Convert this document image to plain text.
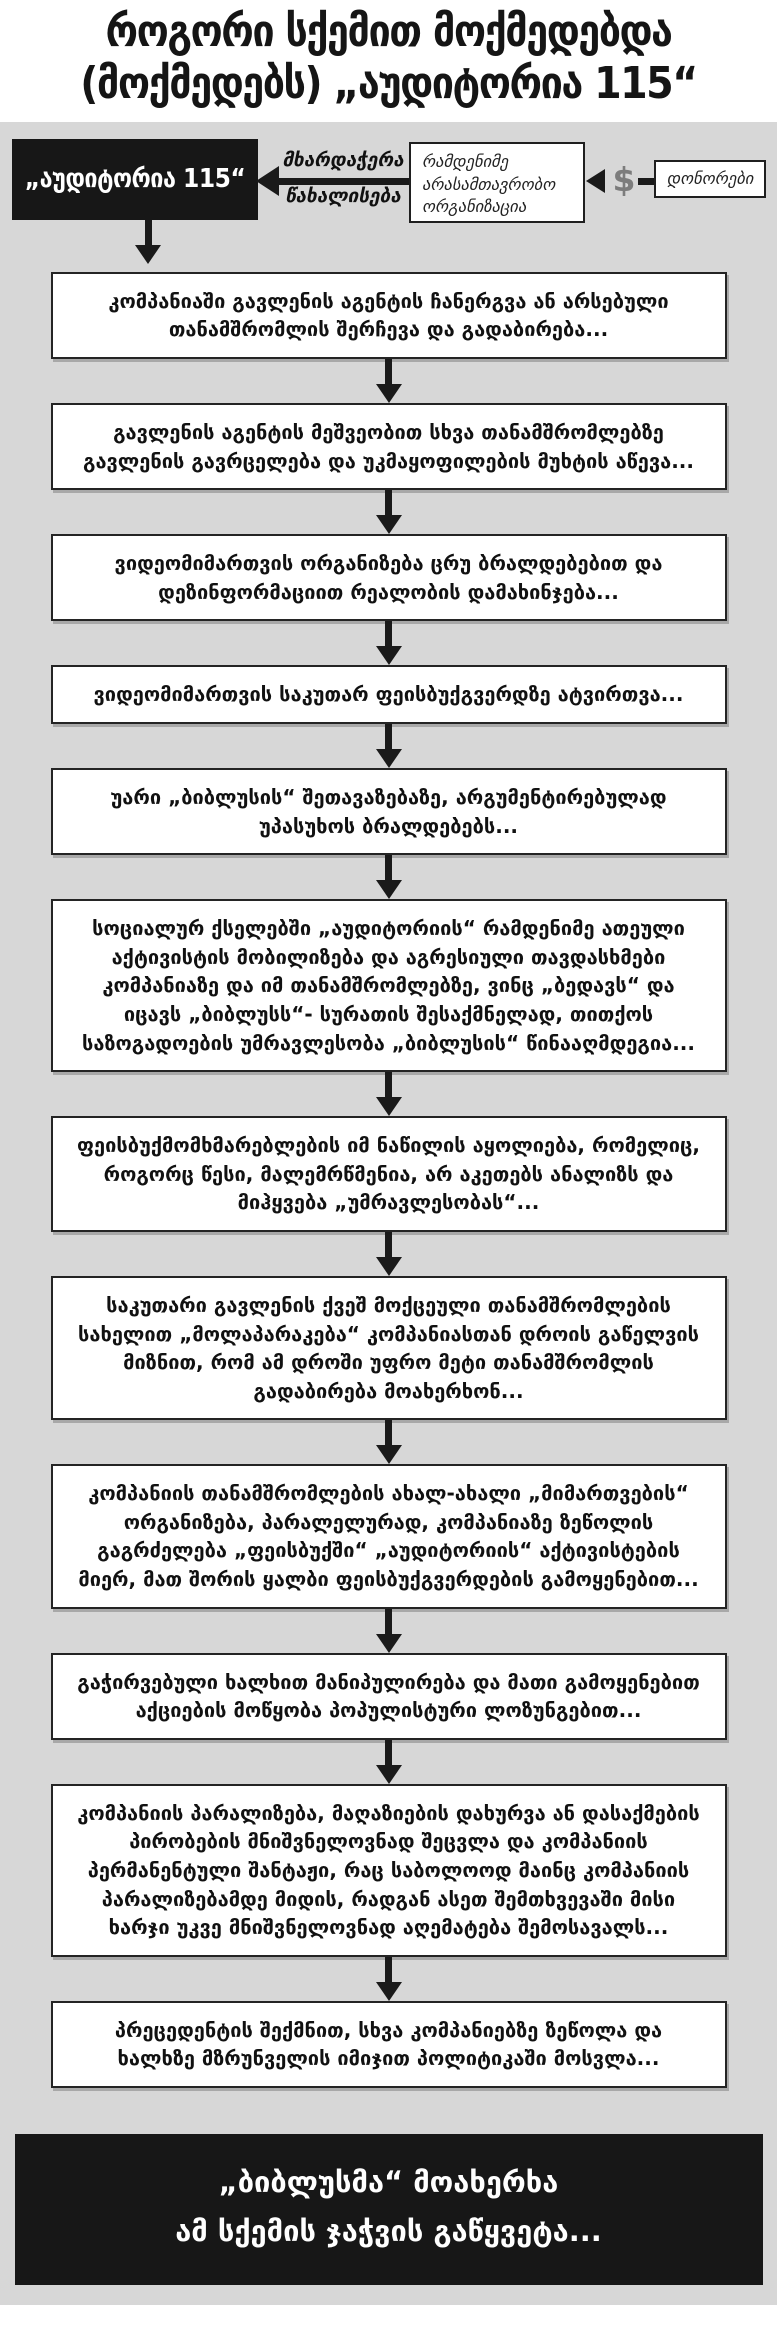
როგორი სქემით მოქმედებდა
(მოქმედებს) „აუდიტორია 115“
„აუდიტორია 115“
მხარდაჭერა
წახალისება
რამდენიმე არასამთავრობო ორგანიზაცია
$	დონორები
კომპანიაში გავლენის აგენტის ჩანერგვა ან არსებული თანამშრომლის შერჩევა და გადაბირება...
გავლენის აგენტის მეშვეობით სხვა თანამშრომლებზე გავლენის გავრცელება და უკმაყოფილების მუხტის აწევა...
ვიდეომიმართვის ორგანიზება ცრუ ბრალდებებით და დეზინფორმაციით რეალობის დამახინჯება...
ვიდეომიმართვის საკუთარ ფეისბუქგვერდზე ატვირთვა...
უარი „ბიბლუსის“ შეთავაზებაზე, არგუმენტირებულად უპასუხოს ბრალდებებს...
სოციალურ ქსელებში „აუდიტორიის“ რამდენიმე ათეული აქტივისტის მობილიზება და აგრესიული თავდასხმები კომპანიაზე და იმ თანამშრომლებზე, ვინც „ბედავს“ და იცავს „ბიბლუსს“- სურათის შესაქმნელად, თითქოს საზოგადოების უმრავლესობა „ბიბლუსის“ წინააღმდეგია...
ფეისბუქმომხმარებლების იმ ნაწილის აყოლიება, რომელიც, როგორც წესი, მალემრწმენია, არ აკეთებს ანალიზს და მიჰყვება „უმრავლესობას“...
საკუთარი გავლენის ქვეშ მოქცეული თანამშრომლების სახელით „მოლაპარაკება“ კომპანიასთან დროის გაწელვის მიზნით, რომ ამ დროში უფრო მეტი თანამშრომლის გადაბირება მოახერხონ...
კომპანიის თანამშრომლების ახალ-ახალი „მიმართვების“ ორგანიზება, პარალელურად, კომპანიაზე ზეწოლის გაგრძელება „ფეისბუქში“ „აუდიტორიის“ აქტივისტების მიერ, მათ შორის ყალბი ფეისბუქგვერდების გამოყენებით...
გაჭირვებული ხალხით მანიპულირება და მათი გამოყენებით აქციების მოწყობა პოპულისტური ლოზუნგებით...
კომპანიის პარალიზება, მაღაზიების დახურვა ან დასაქმების პირობების მნიშვნელოვნად შეცვლა და კომპანიის პერმანენტული შანტაჟი, რაც საბოლოოდ მაინც კომპანიის პარალიზებამდე მიდის, რადგან ასეთ შემთხვევაში მისი ხარჯი უკვე მნიშვნელოვნად აღემატება შემოსავალს...
პრეცედენტის შექმნით, სხვა კომპანიებზე ზეწოლა და ხალხზე მზრუნველის იმიჯით პოლიტიკაში მოსვლა...
„ბიბლუსმა“ მოახერხა
ამ სქემის ჯაჭვის გაწყვეტა...
